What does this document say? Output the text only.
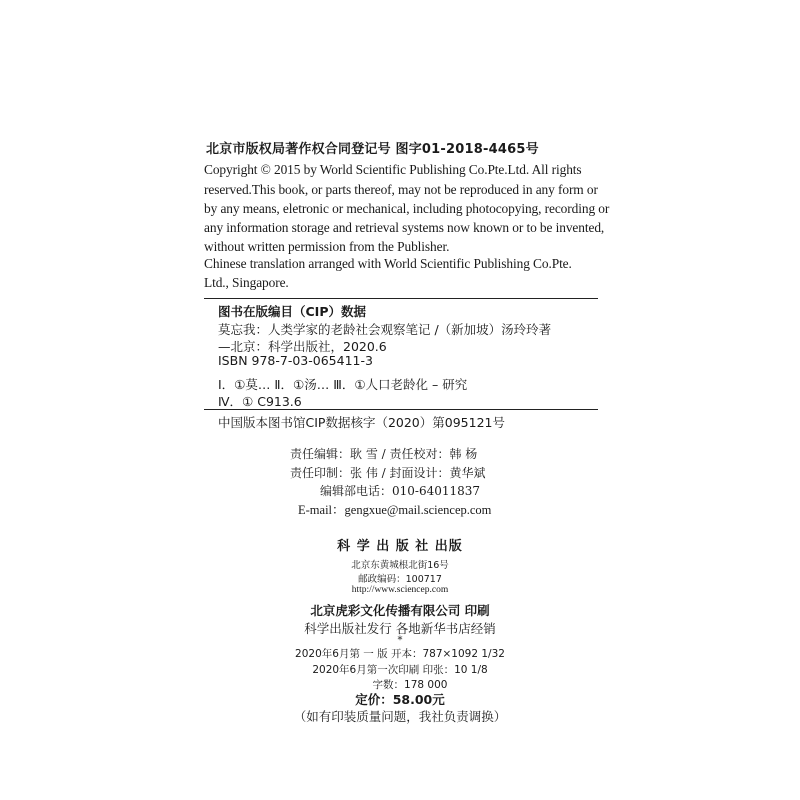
北京市版权局著作权合同登记号 图字01-2018-4465号
Copyright © 2015 by World Scientific Publishing Co.Pte.Ltd. All rights
reserved.This book, or parts thereof, may not be reproduced in any form or
by any means, eletronic or mechanical, including photocopying, recording or
any information storage and retrieval systems now known or to be invented,
without written permission from the Publisher.
Chinese translation arranged with World Scientific Publishing Co.Pte.
Ltd., Singapore.
图书在版编目（CIP）数据
莫忘我：人类学家的老龄社会观察笔记 /（新加坡）汤玲玲著
—北京：科学出版社，2020.6
ISBN 978-7-03-065411-3
Ⅰ．①莫… Ⅱ．①汤… Ⅲ．①人口老龄化 – 研究
Ⅳ．① C913.6
中国版本图书馆CIP数据核字（2020）第095121号
责任编辑：耿 雪 / 责任校对：韩 杨
责任印制：张 伟 / 封面设计：黄华斌
编辑部电话：010-64011837
E-mail：gengxue@mail.sciencep.com
科 学 出 版 社 出版
北京东黄城根北街16号
邮政编码：100717
http://www.sciencep.com
北京虎彩文化传播有限公司 印刷
科学出版社发行 各地新华书店经销
*
2020年6月第 一 版 开本：787×1092 1/32
2020年6月第一次印刷 印张：10 1/8
字数：178 000
定价：58.00元
（如有印装质量问题，我社负责调换）
